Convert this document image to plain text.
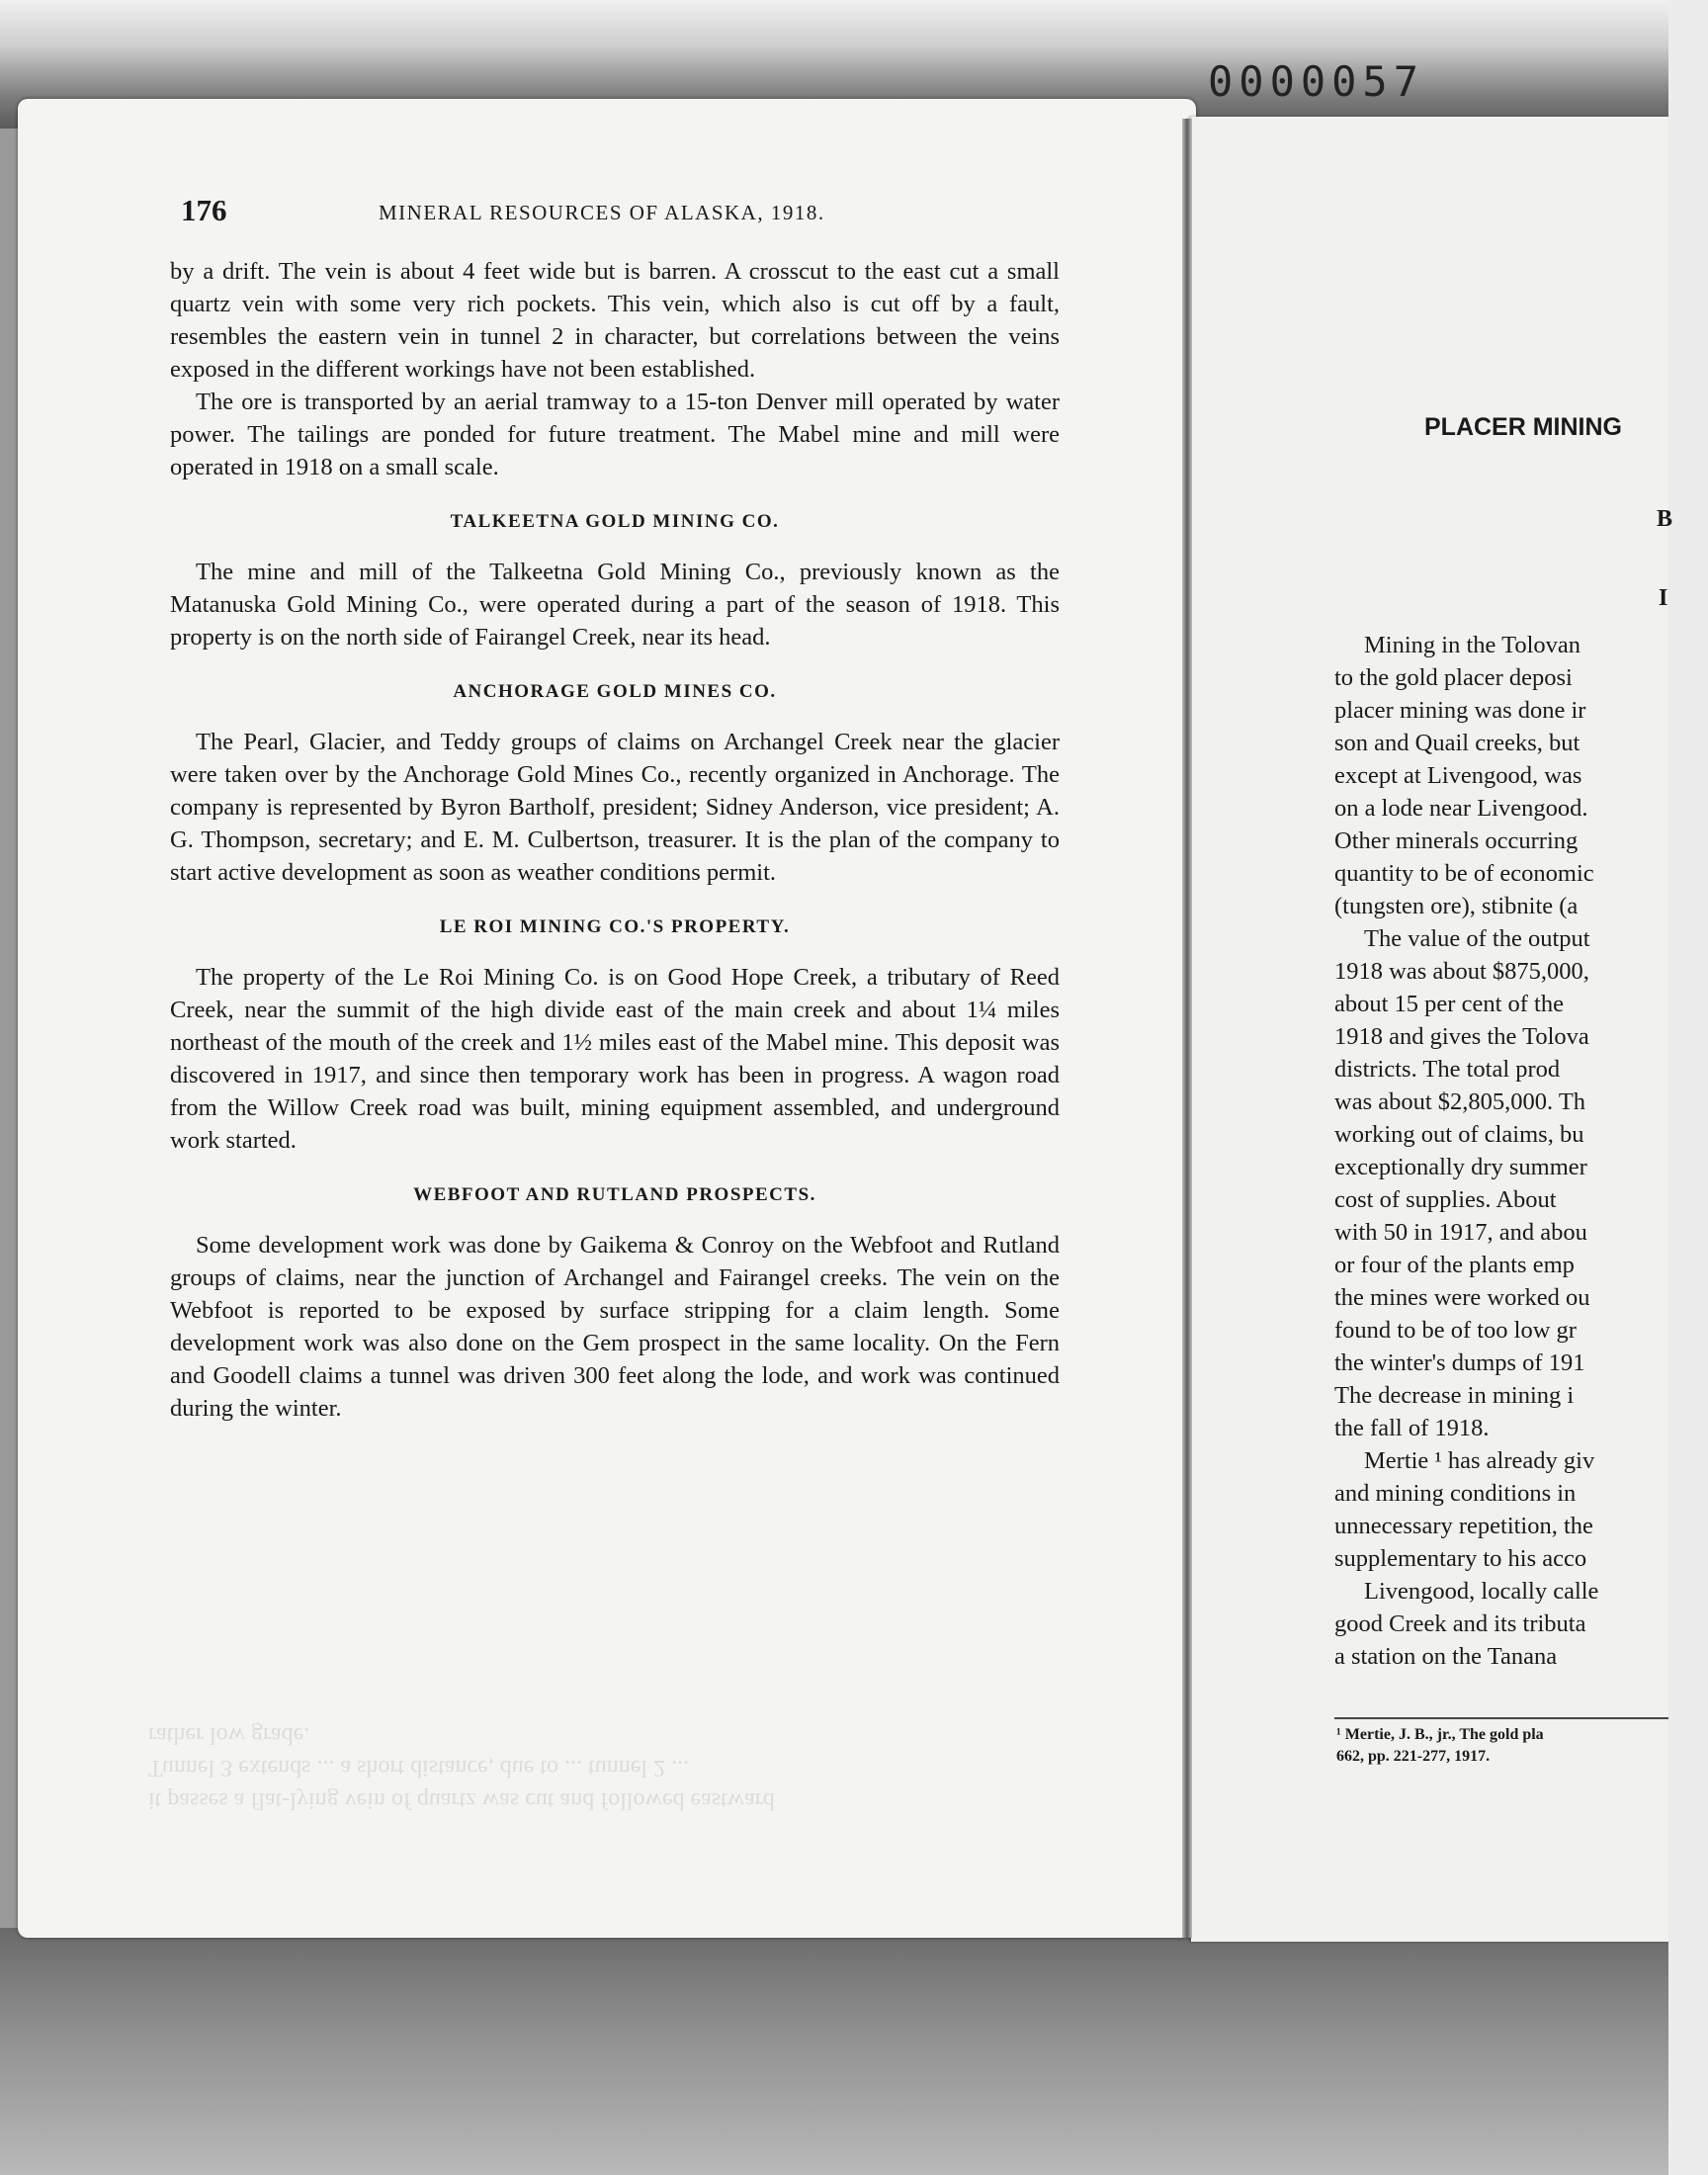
0000057
176	MINERAL RESOURCES OF ALASKA, 1918.

by a drift. The vein is about 4 feet wide but is barren. A crosscut to the east cut a small quartz vein with some very rich pockets. This vein, which also is cut off by a fault, resembles the eastern vein in tunnel 2 in character, but correlations between the veins exposed in the different workings have not been established.

The ore is transported by an aerial tramway to a 15-ton Denver mill operated by water power. The tailings are ponded for future treatment. The Mabel mine and mill were operated in 1918 on a small scale.

TALKEETNA GOLD MINING CO.

The mine and mill of the Talkeetna Gold Mining Co., previously known as the Matanuska Gold Mining Co., were operated during a part of the season of 1918. This property is on the north side of Fairangel Creek, near its head.

ANCHORAGE GOLD MINES CO.

The Pearl, Glacier, and Teddy groups of claims on Archangel Creek near the glacier were taken over by the Anchorage Gold Mines Co., recently organized in Anchorage. The company is represented by Byron Bartholf, president; Sidney Anderson, vice president; A. G. Thompson, secretary; and E. M. Culbertson, treasurer. It is the plan of the company to start active development as soon as weather conditions permit.

LE ROI MINING CO.'S PROPERTY.

The property of the Le Roi Mining Co. is on Good Hope Creek, a tributary of Reed Creek, near the summit of the high divide east of the main creek and about 1¼ miles northeast of the mouth of the creek and 1½ miles east of the Mabel mine. This deposit was discovered in 1917, and since then temporary work has been in progress. A wagon road from the Willow Creek road was built, mining equipment assembled, and underground work started.

WEBFOOT AND RUTLAND PROSPECTS.

Some development work was done by Gaikema & Conroy on the Webfoot and Rutland groups of claims, near the junction of Archangel and Fairangel creeks. The vein on the Webfoot is reported to be exposed by surface stripping for a claim length. Some development work was also done on the Gem prospect in the same locality. On the Fern and Goodell claims a tunnel was driven 300 feet along the lode, and work was continued during the winter.

it passes a flat-lying vein of quartz was cut and followed eastward
Tunnel 3 extends ... a short distance, due to ... tunnel 2 ...
rather low grade.
PLACER MINING
B
I
Mining in the Tolovan
to the gold placer deposi
placer mining was done ir
son and Quail creeks, but
except at Livengood, was
on a lode near Livengood.
Other minerals occurring
quantity to be of economic
(tungsten ore), stibnite (a
The value of the output
1918 was about $875,000,
about 15 per cent of the
1918 and gives the Tolova
districts. The total prod
was about $2,805,000. Th
working out of claims, bu
exceptionally dry summer
cost of supplies. About
with 50 in 1917, and abou
or four of the plants emp
the mines were worked ou
found to be of too low gr
the winter's dumps of 191
The decrease in mining i
the fall of 1918.
Mertie ¹ has already giv
and mining conditions in
unnecessary repetition, the
supplementary to his acco
Livengood, locally calle
good Creek and its tributa
a station on the Tanana
¹ Mertie, J. B., jr., The gold pla
662, pp. 221-277, 1917.
